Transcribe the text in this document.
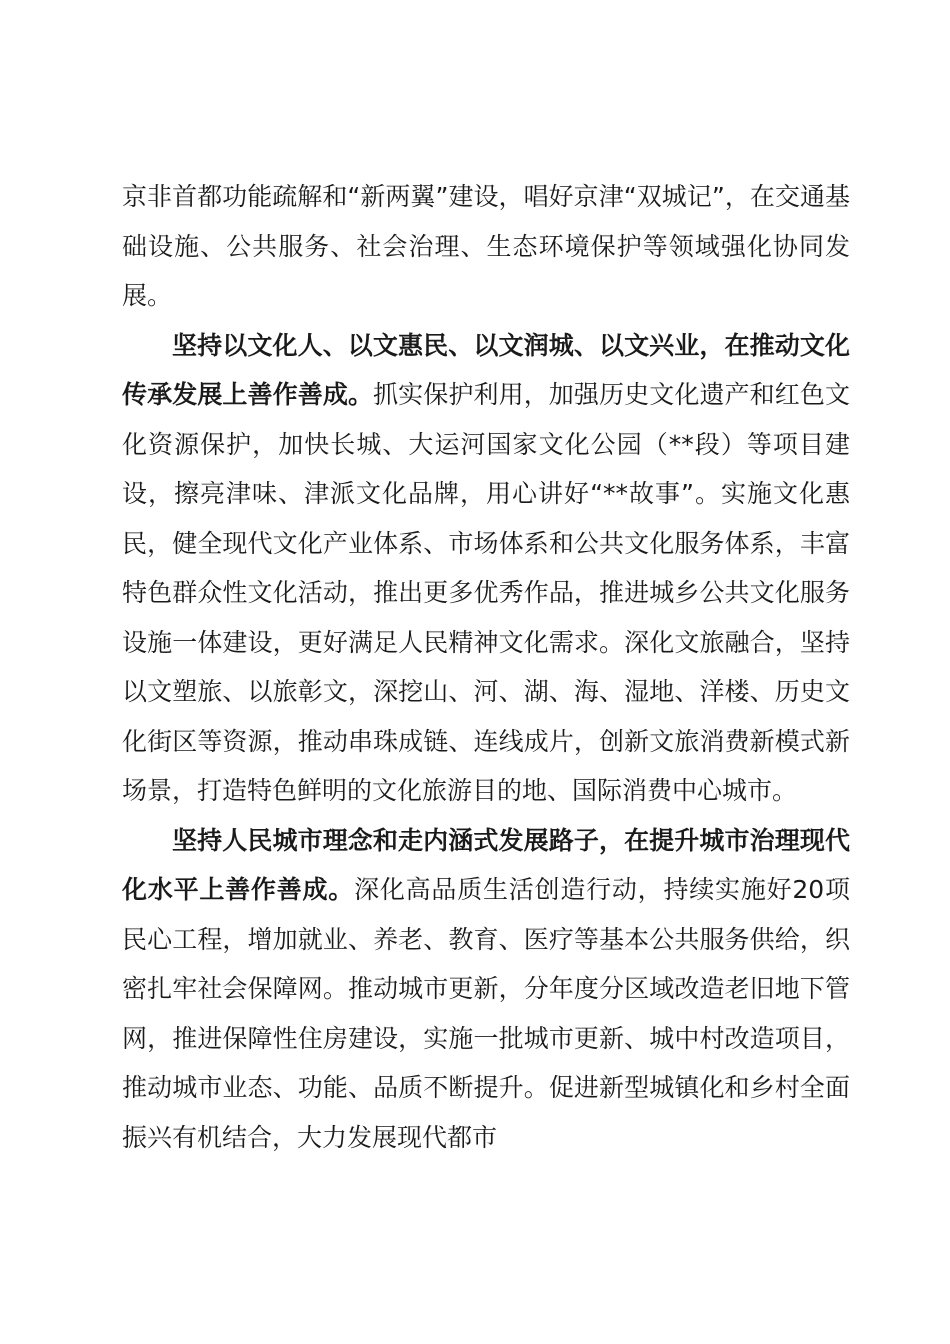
京非首都功能疏解和“新两翼”建设，唱好京津“双城记”，在交通基础设施、公共服务、社会治理、生态环境保护等领域强化协同发展。

坚持以文化人、以文惠民、以文润城、以文兴业，在推动文化传承发展上善作善成。抓实保护利用，加强历史文化遗产和红色文化资源保护，加快长城、大运河国家文化公园（**段）等项目建设，擦亮津味、津派文化品牌，用心讲好“**故事”。实施文化惠民，健全现代文化产业体系、市场体系和公共文化服务体系，丰富特色群众性文化活动，推出更多优秀作品，推进城乡公共文化服务设施一体建设，更好满足人民精神文化需求。深化文旅融合，坚持以文塑旅、以旅彰文，深挖山、河、湖、海、湿地、洋楼、历史文化街区等资源，推动串珠成链、连线成片，创新文旅消费新模式新场景，打造特色鲜明的文化旅游目的地、国际消费中心城市。

坚持人民城市理念和走内涵式发展路子，在提升城市治理现代化水平上善作善成。深化高品质生活创造行动，持续实施好20项民心工程，增加就业、养老、教育、医疗等基本公共服务供给，织密扎牢社会保障网。推动城市更新，分年度分区域改造老旧地下管网，推进保障性住房建设，实施一批城市更新、城中村改造项目，推动城市业态、功能、品质不断提升。促进新型城镇化和乡村全面振兴有机结合，大力发展现代都市
